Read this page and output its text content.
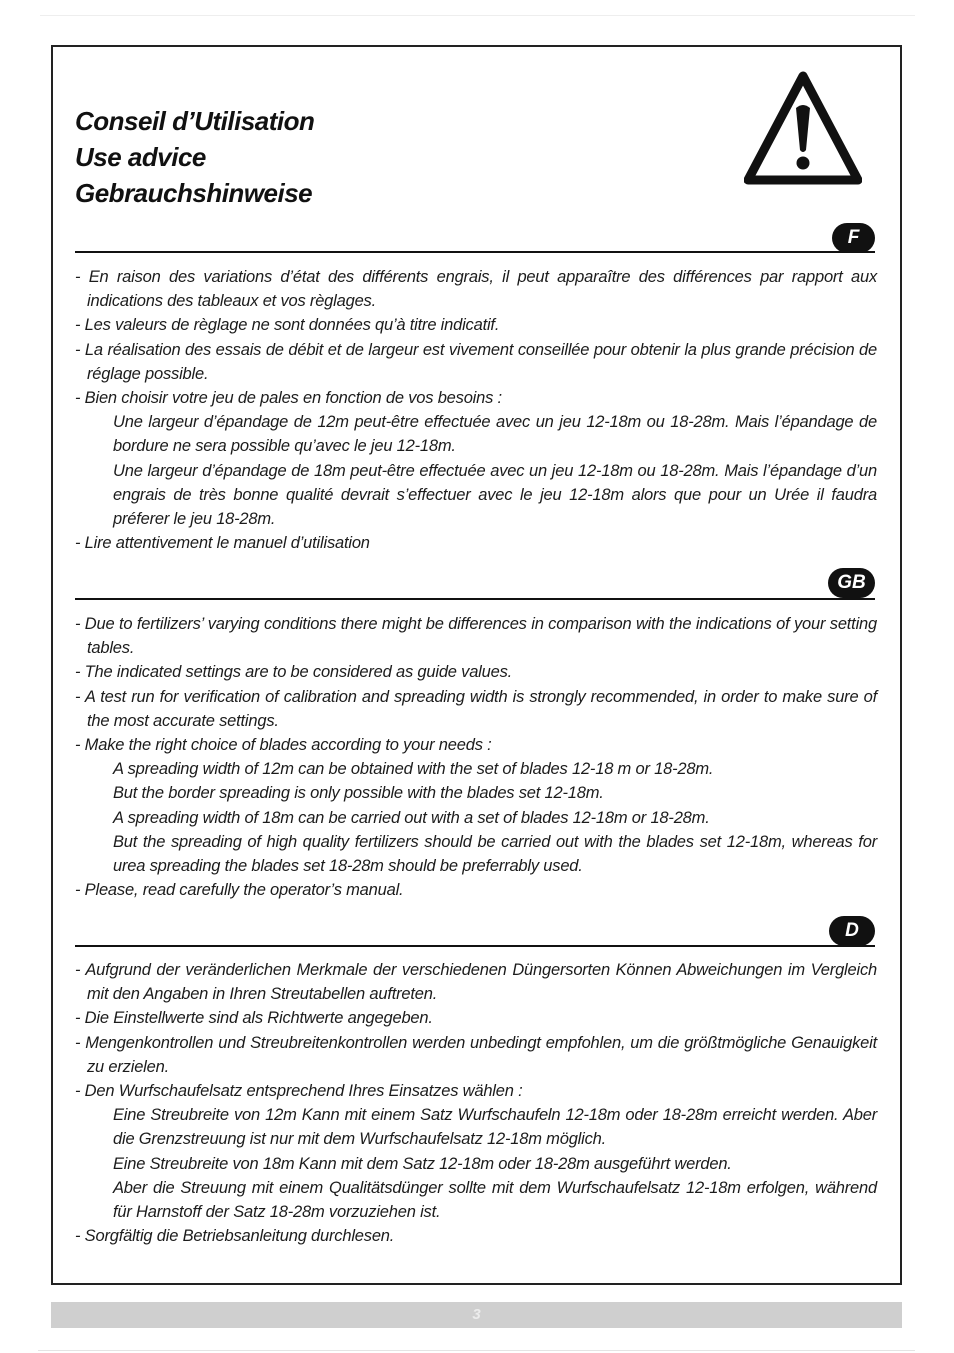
Conseil d’Utilisation
Use advice
Gebrauchshinweise
F
- En raison des variations d’état des différents engrais, il peut apparaître des différences par rapport aux indications des tableaux et vos règlages.
- Les valeurs de règlage ne sont données qu’à titre indicatif.
- La réalisation des essais de débit et de largeur est vivement conseillée pour obtenir la plus grande précision de réglage possible.
- Bien choisir votre jeu de pales en fonction de vos besoins :
Une largeur d’épandage de 12m peut-être effectuée avec un jeu 12-18m ou 18-28m. Mais l’épandage de bordure ne sera possible qu’avec le jeu 12-18m.
Une largeur d’épandage de 18m peut-être effectuée avec un jeu 12-18m ou 18-28m. Mais l’épandage d’un engrais de très bonne qualité devrait s’effectuer avec le jeu 12-18m alors que pour un Urée il faudra préferer le jeu 18-28m.
- Lire attentivement le manuel d’utilisation
GB
- Due to fertilizers’ varying conditions there might be differences in comparison with the indications of your setting tables.
- The indicated settings are to be considered as guide values.
- A test run for verification of calibration and spreading width is strongly recommended, in order to make sure of the most accurate settings.
- Make the right choice of blades according to your needs :
A spreading width of 12m can be obtained with the set of blades 12-18 m or 18-28m.
But the border spreading is only possible with the blades set 12-18m.
A spreading width of 18m can be carried out with a set of blades 12-18m or 18-28m.
But the spreading of high quality fertilizers should be carried out with the blades set 12-18m, whereas for urea spreading the blades set 18-28m should be preferrably used.
- Please, read carefully the operator’s manual.
D
- Aufgrund der veränderlichen Merkmale der verschiedenen Düngersorten Können Abweichungen im Vergleich mit den Angaben in Ihren Streutabellen auftreten.
- Die Einstellwerte sind als Richtwerte angegeben.
- Mengenkontrollen und Streubreitenkontrollen werden unbedingt empfohlen, um die größtmögliche Genauigkeit zu erzielen.
- Den Wurfschaufelsatz entsprechend Ihres Einsatzes wählen :
Eine Streubreite von 12m Kann mit einem Satz Wurfschaufeln 12-18m oder 18-28m erreicht werden. Aber die Grenzstreuung ist nur mit dem Wurfschaufelsatz 12-18m möglich.
Eine Streubreite von 18m Kann mit dem Satz 12-18m oder 18-28m ausgeführt werden.
Aber die Streuung mit einem Qualitätsdünger sollte mit dem Wurfschaufelsatz 12-18m erfolgen, während für Harnstoff der Satz 18-28m vorzuziehen ist.
- Sorgfältig die Betriebsanleitung durchlesen.
3
